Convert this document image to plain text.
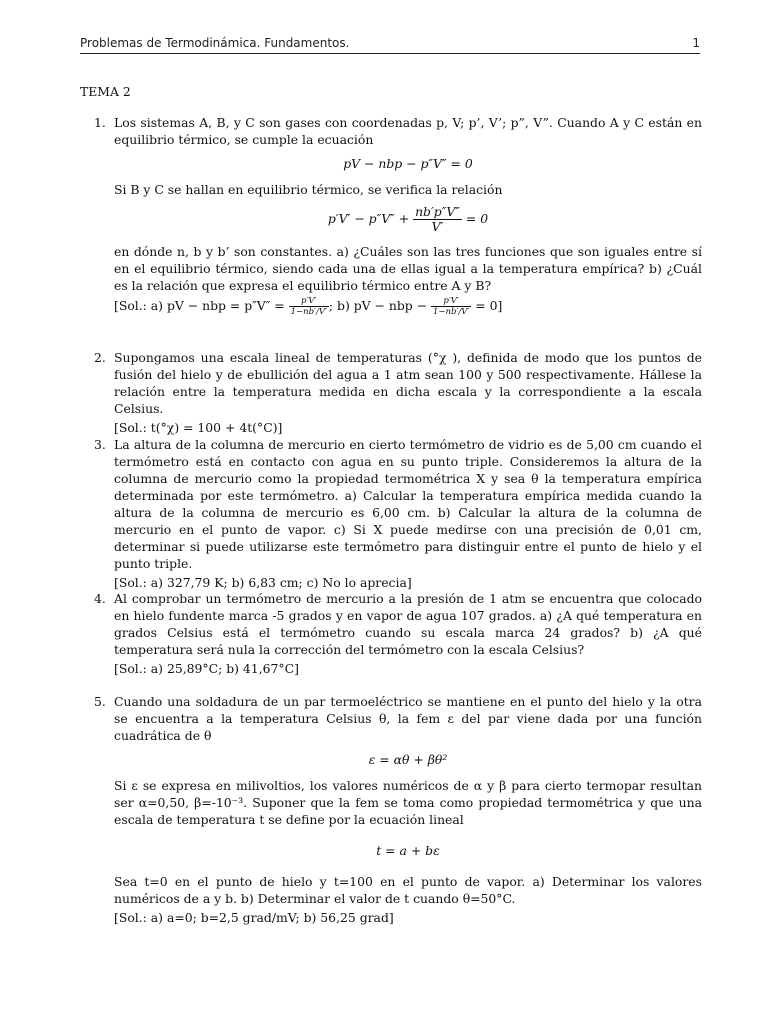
Problemas de Termodinámica. Fundamentos.	1
TEMA 2
1. Los sistemas A, B, y C son gases con coordenadas p, V; p’, V’; p”, V”. Cuando A y C están en equilibrio térmico, se cumple la ecuación

pV − nbp − p″V″ = 0

Si B y C se hallan en equilibrio térmico, se verifica la relación

$p'V' - p''V'' + \frac{nb'p''V''}{V'} = 0$

en dónde n, b y b’ son constantes. a) ¿Cuáles son las tres funciones que son iguales entre sí en el equilibrio térmico, siendo cada una de ellas igual a la temperatura empírica? b) ¿Cuál es la relación que expresa el equilibrio térmico entre A y B?

[Sol.: a) pV − nbp = $p''V'' = \frac{p'V'}{1-nb'/V'}$ ; b) pV − nbp − $\frac{p'V'}{1-nb'/V'} = 0$]

2. Supongamos una escala lineal de temperaturas (°χ ), definida de modo que los puntos de fusión del hielo y de ebullición del agua a 1 atm sean 100 y 500 respectivamente. Hállese la relación entre la temperatura medida en dicha escala y la correspondiente a la escala Celsius.

[Sol.: t(°χ) = 100 + 4t(°C)]

3. La altura de la columna de mercurio en cierto termómetro de vidrio es de 5,00 cm cuando el termómetro está en contacto con agua en su punto triple. Consideremos la altura de la columna de mercurio como la propiedad termométrica X y sea θ la temperatura empírica determinada por este termómetro. a) Calcular la temperatura empírica medida cuando la altura de la columna de mercurio es 6,00 cm. b) Calcular la altura de la columna de mercurio en el punto de vapor. c) Si X puede medirse con una precisión de 0,01 cm, determinar si puede utilizarse este termómetro para distinguir entre el punto de hielo y el punto triple.

[Sol.: a) 327,79 K; b) 6,83 cm; c) No lo aprecia]

4. Al comprobar un termómetro de mercurio a la presión de 1 atm se encuentra que colocado en hielo fundente marca -5 grados y en vapor de agua 107 grados. a) ¿A qué temperatura en grados Celsius está el termómetro cuando su escala marca 24 grados? b) ¿A qué temperatura será nula la corrección del termómetro con la escala Celsius?

[Sol.: a) 25,89°C; b) 41,67°C]

5. Cuando una soldadura de un par termoeléctrico se mantiene en el punto del hielo y la otra se encuentra a la temperatura Celsius θ, la fem ε del par viene dada por una función cuadrática de θ

ε = αθ + βθ²

Si ε se expresa en milivoltios, los valores numéricos de α y β para cierto termopar resultan ser α=0,50, β=-10⁻³. Suponer que la fem se toma como propiedad termométrica y que una escala de temperatura t se define por la ecuación lineal

t = a + bε

Sea t=0 en el punto de hielo y t=100 en el punto de vapor. a) Determinar los valores numéricos de a y b. b) Determinar el valor de t cuando θ=50°C.

[Sol.: a) a=0; b=2,5 grad/mV; b) 56,25 grad]
